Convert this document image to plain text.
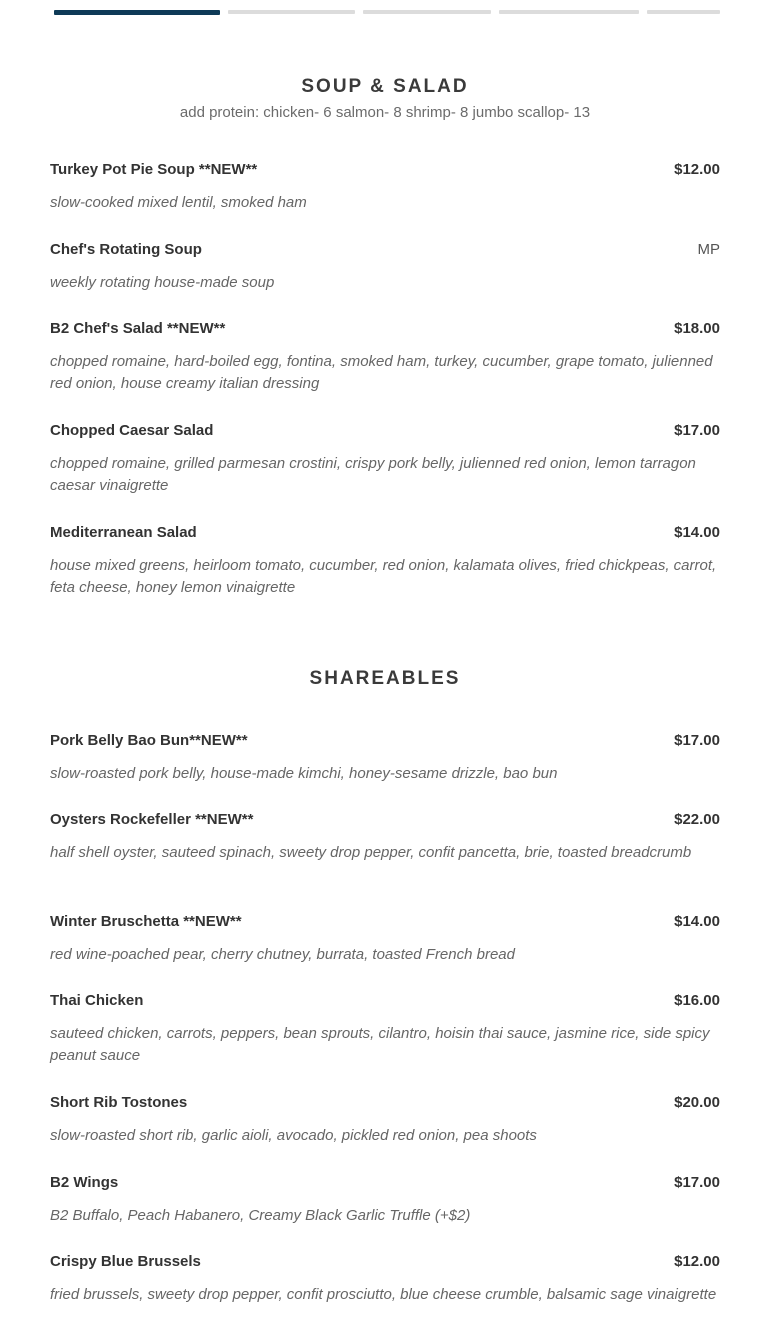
SOUP & SALAD
add protein: chicken- 6 salmon- 8 shrimp- 8 jumbo scallop- 13
Turkey Pot Pie Soup **NEW**	$12.00
slow-cooked mixed lentil, smoked ham
Chef's Rotating Soup	MP
weekly rotating house-made soup
B2 Chef's Salad **NEW**	$18.00
chopped romaine, hard-boiled egg, fontina, smoked ham, turkey, cucumber, grape tomato, julienned red onion, house creamy italian dressing
Chopped Caesar Salad	$17.00
chopped romaine, grilled parmesan crostini, crispy pork belly, julienned red onion, lemon tarragon caesar vinaigrette
Mediterranean Salad	$14.00
house mixed greens, heirloom tomato, cucumber, red onion, kalamata olives, fried chickpeas, carrot, feta cheese, honey lemon vinaigrette
SHAREABLES
Pork Belly Bao Bun**NEW**	$17.00
slow-roasted pork belly, house-made kimchi, honey-sesame drizzle, bao bun
Oysters Rockefeller **NEW**	$22.00
half shell oyster, sauteed spinach, sweety drop pepper, confit pancetta, brie, toasted breadcrumb
Winter Bruschetta **NEW**	$14.00
red wine-poached pear, cherry chutney, burrata, toasted French bread
Thai Chicken	$16.00
sauteed chicken, carrots, peppers, bean sprouts, cilantro, hoisin thai sauce, jasmine rice, side spicy peanut sauce
Short Rib Tostones	$20.00
slow-roasted short rib, garlic aioli, avocado, pickled red onion, pea shoots
B2 Wings	$17.00
B2 Buffalo, Peach Habanero, Creamy Black Garlic Truffle (+$2)
Crispy Blue Brussels	$12.00
fried brussels, sweety drop pepper, confit prosciutto, blue cheese crumble, balsamic sage vinaigrette
